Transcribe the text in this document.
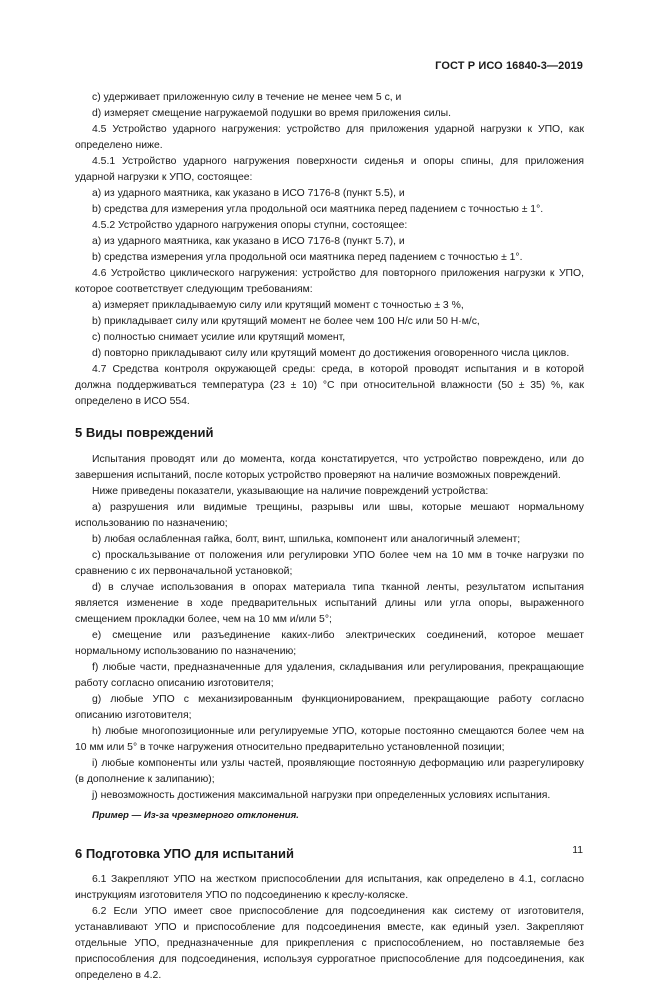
ГОСТ Р ИСО 16840-3—2019

c) удерживает приложенную силу в течение не менее чем 5 с, и

d) измеряет смещение нагружаемой подушки во время приложения силы.

4.5 Устройство ударного нагружения: устройство для приложения ударной нагрузки к УПО, как определено ниже.

4.5.1 Устройство ударного нагружения поверхности сиденья и опоры спины, для приложения ударной нагрузки к УПО, состоящее:

a) из ударного маятника, как указано в ИСО 7176-8 (пункт 5.5), и

b) средства для измерения угла продольной оси маятника перед падением с точностью ± 1°.

4.5.2 Устройство ударного нагружения опоры ступни, состоящее:

a) из ударного маятника, как указано в ИСО 7176-8 (пункт 5.7), и

b) средства измерения угла продольной оси маятника перед падением с точностью ± 1°.

4.6 Устройство циклического нагружения: устройство для повторного приложения нагрузки к УПО, которое соответствует следующим требованиям:

a) измеряет прикладываемую силу или крутящий момент с точностью ± 3 %,

b) прикладывает силу или крутящий момент не более чем 100 Н/с или 50 Н·м/с,

c) полностью снимает усилие или крутящий момент,

d) повторно прикладывают силу или крутящий момент до достижения оговоренного числа циклов.

4.7 Средства контроля окружающей среды: среда, в которой проводят испытания и в которой должна поддерживаться температура (23 ± 10) °С при относительной влажности (50 ± 35) %, как определено в ИСО 554.

5 Виды повреждений

Испытания проводят или до момента, когда констатируется, что устройство повреждено, или до завершения испытаний, после которых устройство проверяют на наличие возможных повреждений.

Ниже приведены показатели, указывающие на наличие повреждений устройства:

a) разрушения или видимые трещины, разрывы или швы, которые мешают нормальному использованию по назначению;

b) любая ослабленная гайка, болт, винт, шпилька, компонент или аналогичный элемент;

c) проскальзывание от положения или регулировки УПО более чем на 10 мм в точке нагрузки по сравнению с их первоначальной установкой;

d) в случае использования в опорах материала типа тканной ленты, результатом испытания является изменение в ходе предварительных испытаний длины или угла опоры, выраженного смещением прокладки более, чем на 10 мм и/или 5°;

e) смещение или разъединение каких-либо электрических соединений, которое мешает нормальному использованию по назначению;

f) любые части, предназначенные для удаления, складывания или регулирования, прекращающие работу согласно описанию изготовителя;

g) любые УПО с механизированным функционированием, прекращающие работу согласно описанию изготовителя;

h) любые многопозиционные или регулируемые УПО, которые постоянно смещаются более чем на 10 мм или 5° в точке нагружения относительно предварительно установленной позиции;

i) любые компоненты или узлы частей, проявляющие постоянную деформацию или разрегулировку (в дополнение к залипанию);

j) невозможность достижения максимальной нагрузки при определенных условиях испытания.

Пример — Из-за чрезмерного отклонения.

6 Подготовка УПО для испытаний

6.1 Закрепляют УПО на жестком приспособлении для испытания, как определено в 4.1, согласно инструкциям изготовителя УПО по подсоединению к креслу-коляске.

6.2 Если УПО имеет свое приспособление для подсоединения как систему от изготовителя, устанавливают УПО и приспособление для подсоединения вместе, как единый узел. Закрепляют отдельные УПО, предназначенные для прикрепления с приспособлением, но поставляемые без приспособления для подсоединения, используя суррогатное приспособление для подсоединения, как определено в 4.2.

11
